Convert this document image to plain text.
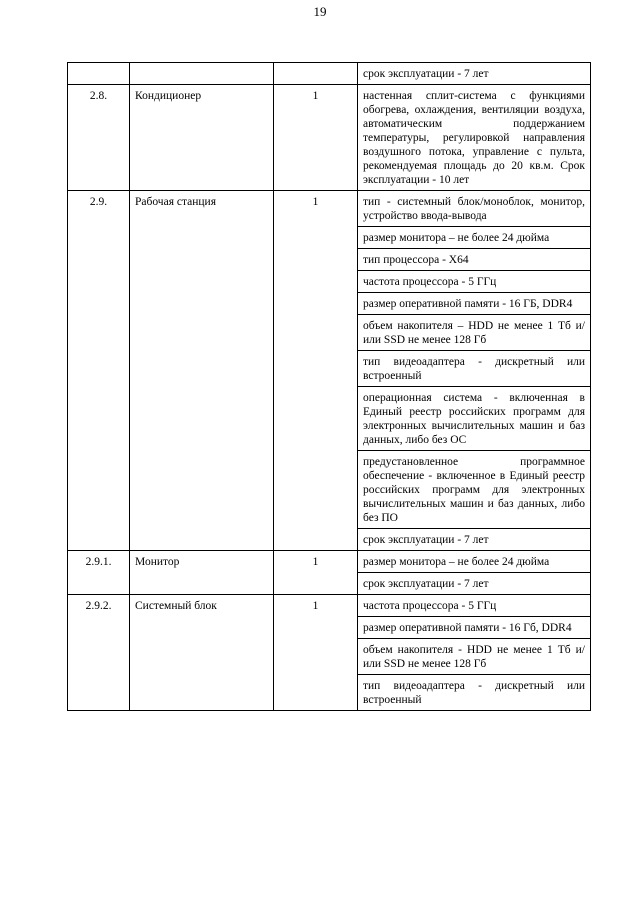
19
			срок эксплуатации - 7 лет
2.8.	Кондиционер	1	настенная сплит-система с функциями обогрева, охлаждения, вентиляции воздуха, автоматическим поддержанием температуры, регулировкой направления воздушного потока, управление с пульта, рекомендуемая площадь до 20 кв.м. Срок эксплуатации - 10 лет
2.9.	Рабочая станция	1	тип - системный блок/моноблок, монитор, устройство ввода-вывода
			размер монитора – не более 24 дюйма
			тип процессора - X64
			частота процессора - 5 ГГц
			размер оперативной памяти - 16 ГБ, DDR4
			объем накопителя – HDD не менее 1 Тб и/или SSD не менее 128 Гб
			тип видеоадаптера - дискретный или встроенный
			операционная система - включенная в Единый реестр российских программ для электронных вычислительных машин и баз данных, либо без ОС
			предустановленное программное обеспечение - включенное в Единый реестр российских программ для электронных вычислительных машин и баз данных, либо без ПО
			срок эксплуатации - 7 лет
2.9.1.	Монитор	1	размер монитора – не более 24 дюйма
			срок эксплуатации - 7 лет
2.9.2.	Системный блок	1	частота процессора - 5 ГГц
			размер оперативной памяти - 16 Гб, DDR4
			объем накопителя - HDD не менее 1 Тб и/или SSD не менее 128 Гб
			тип видеоадаптера - дискретный или встроенный
